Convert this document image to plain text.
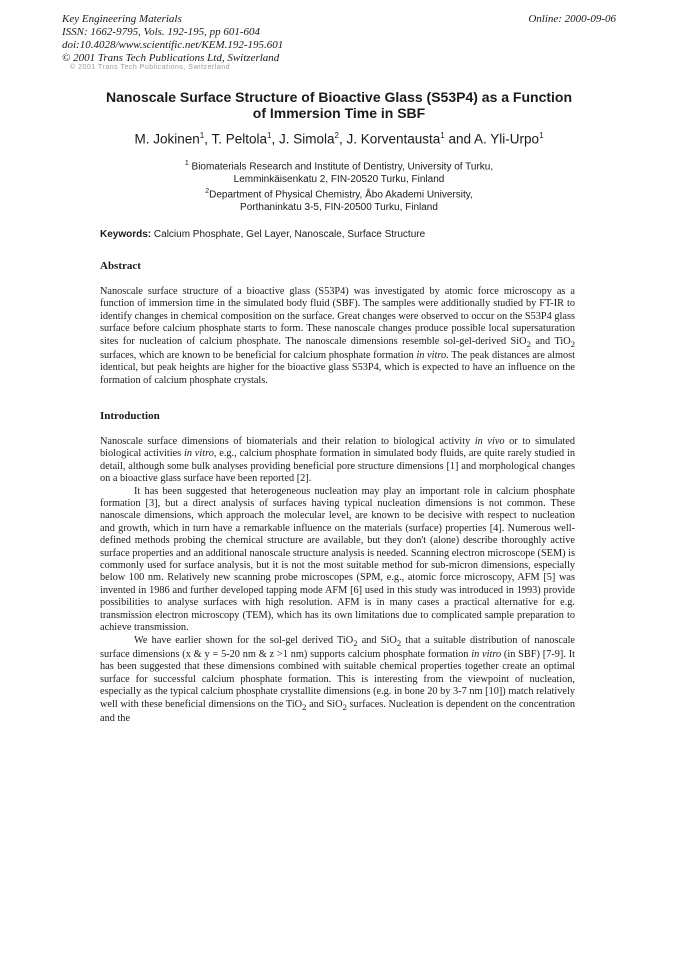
Key Engineering Materials
ISSN: 1662-9795, Vols. 192-195, pp 601-604
doi:10.4028/www.scientific.net/KEM.192-195.601
© 2001 Trans Tech Publications Ltd, Switzerland
Online: 2000-09-06
© 2001 Trans Tech Publications, Switzerland
Nanoscale Surface Structure of Bioactive Glass (S53P4) as a Function
of Immersion Time in SBF
M. Jokinen$^1$, T. Peltola$^1$, J. Simola$^2$, J. Korventausta$^1$ and A. Yli-Urpo$^1$
$^1$ Biomaterials Research and Institute of Dentistry, University of Turku,
Lemminkäisenkatu 2, FIN-20520 Turku, Finland
$^2$Department of Physical Chemistry, Åbo Akademi University,
Porthaninkatu 3-5, FIN-20500 Turku, Finland
Keywords: Calcium Phosphate, Gel Layer, Nanoscale, Surface Structure
Abstract
Nanoscale surface structure of a bioactive glass (S53P4) was investigated by atomic force microscopy as a function of immersion time in the simulated body fluid (SBF). The samples were additionally studied by FT-IR to identify changes in chemical composition on the surface. Great changes were observed to occur on the S53P4 glass surface before calcium phosphate starts to form. These nanoscale changes produce possible local supersaturation sites for nucleation of calcium phosphate. The nanoscale dimensions resemble sol-gel-derived SiO$_2$ and TiO$_2$ surfaces, which are known to be beneficial for calcium phosphate formation in vitro. The peak distances are almost identical, but peak heights are higher for the bioactive glass S53P4, which is expected to have an influence on the formation of calcium phosphate crystals.
Introduction

Nanoscale surface dimensions of biomaterials and their relation to biological activity in vivo or to simulated biological activities in vitro, e.g., calcium phosphate formation in simulated body fluids, are quite rarely studied in detail, although some bulk analyses providing beneficial pore structure dimensions [1] and morphological changes on a bioactive glass surface have been reported [2].

It has been suggested that heterogeneous nucleation may play an important role in calcium phosphate formation [3], but a direct analysis of surfaces having typical nucleation dimensions is not common. These nanoscale dimensions, which approach the molecular level, are known to be decisive with respect to nucleation and growth, which in turn have a remarkable influence on the materials (surface) properties [4]. Numerous well-defined methods probing the chemical structure are available, but they don't (alone) describe thoroughly active surface properties and an additional nanoscale structure analysis is needed. Scanning electron microscope (SEM) is commonly used for surface analysis, but it is not the most suitable method for sub-micron dimensions, especially below 100 nm. Relatively new scanning probe microscopes (SPM, e.g., atomic force microscopy, AFM [5] was invented in 1986 and further developed tapping mode AFM [6] used in this study was introduced in 1993) provide possibilities to analyse surfaces with high resolution. AFM is in many cases a practical alternative for e.g. transmission electron microscopy (TEM), which has its own limitations due to complicated sample preparation to achieve transmission.

We have earlier shown for the sol-gel derived TiO$_2$ and SiO$_2$ that a suitable distribution of nanoscale surface dimensions (x & y = 5-20 nm & z >1 nm) supports calcium phosphate formation in vitro (in SBF) [7-9]. It has been suggested that these dimensions combined with suitable chemical properties together create an optimal surface for successful calcium phosphate formation. This is interesting from the viewpoint of nucleation, especially as the typical calcium phosphate crystallite dimensions (e.g. in bone 20 by 3-7 nm [10]) match relatively well with these beneficial dimensions on the TiO$_2$ and SiO$_2$ surfaces. Nucleation is dependent on the concentration and the
